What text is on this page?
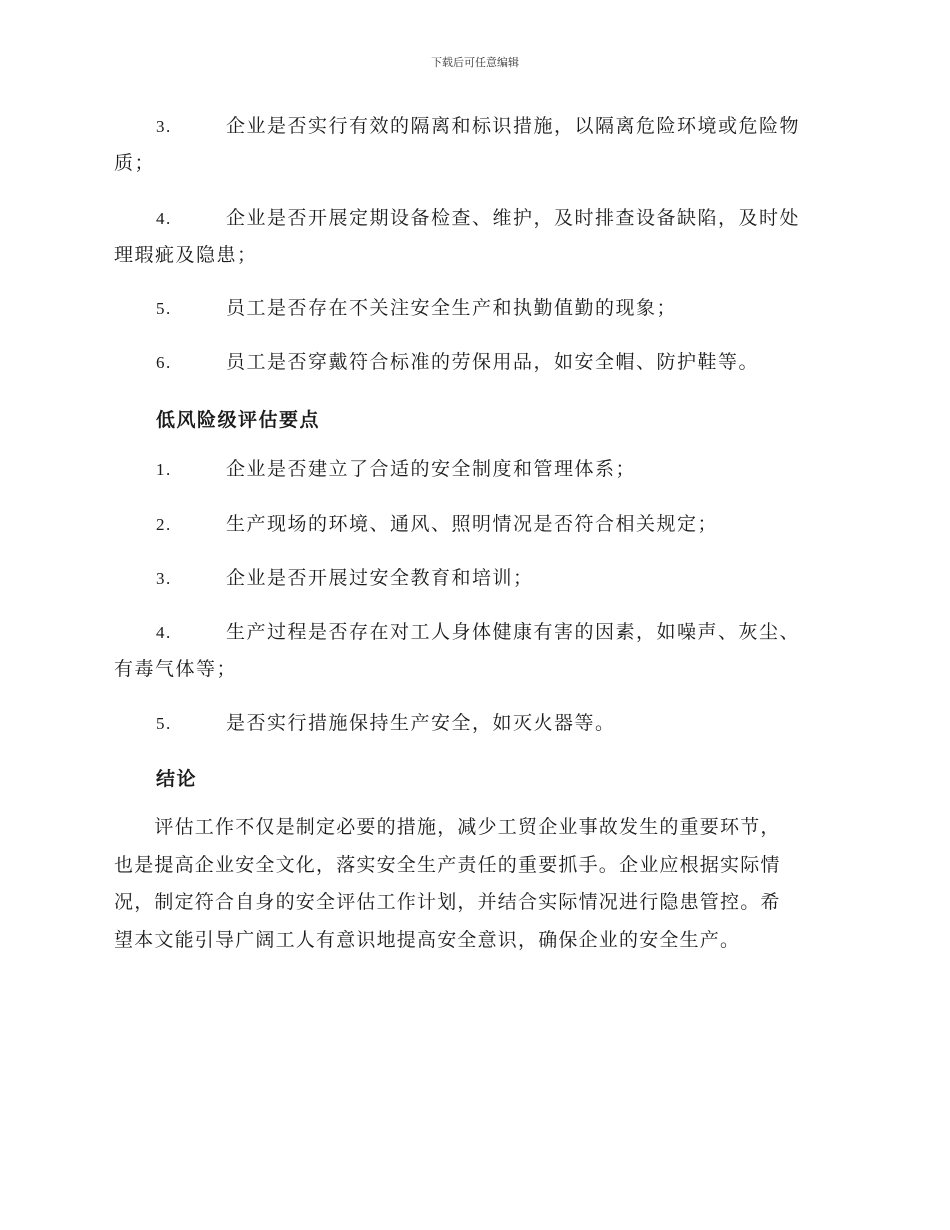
下载后可任意编辑
3.	企业是否实行有效的隔离和标识措施，以隔离危险环境或危险物
质；
4.	企业是否开展定期设备检查、维护，及时排查设备缺陷，及时处
理瑕疵及隐患；
5.	员工是否存在不关注安全生产和执勤值勤的现象；
6.	员工是否穿戴符合标准的劳保用品，如安全帽、防护鞋等。
低风险级评估要点
1.	企业是否建立了合适的安全制度和管理体系；
2.	生产现场的环境、通风、照明情况是否符合相关规定；
3.	企业是否开展过安全教育和培训；
4.	生产过程是否存在对工人身体健康有害的因素，如噪声、灰尘、
有毒气体等；
5.	是否实行措施保持生产安全，如灭火器等。
结论
　　评估工作不仅是制定必要的措施，减少工贸企业事故发生的重要环节，
也是提高企业安全文化，落实安全生产责任的重要抓手。企业应根据实际情
况，制定符合自身的安全评估工作计划，并结合实际情况进行隐患管控。希
望本文能引导广阔工人有意识地提高安全意识，确保企业的安全生产。
